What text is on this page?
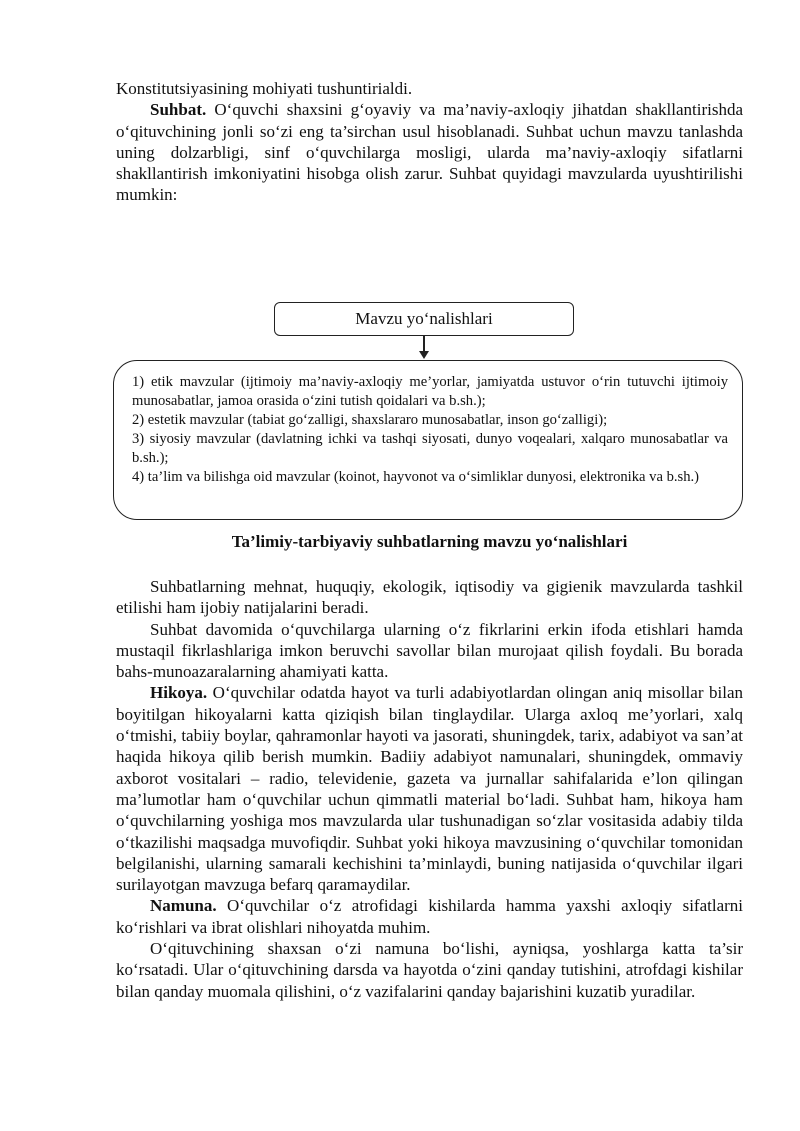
Konstitutsiyasining mohiyati tushuntirialdi.

Suhbat. O‘quvchi shaxsini g‘oyaviy va ma’naviy-axloqiy jihatdan shakllantirishda o‘qituvchining jonli so‘zi eng ta’sirchan usul hisoblanadi. Suhbat uchun mavzu tanlashda uning dolzarbligi, sinf o‘quvchilarga mosligi, ularda ma’naviy-axloqiy sifatlarni shakllantirish imkoniyatini hisobga olish zarur. Suhbat quyidagi mavzularda uyushtirilishi mumkin:

Mavzu yo‘nalishlari

1) etik mavzular (ijtimoiy ma’naviy-axloqiy me’yorlar, jamiyatda ustuvor o‘rin tutuvchi ijtimoiy munosabatlar, jamoa orasida o‘zini tutish qoidalari va b.sh.);

2) estetik mavzular (tabiat go‘zalligi, shaxslararo munosabatlar, inson go‘zalligi);

3) siyosiy mavzular (davlatning ichki va tashqi siyosati, dunyo voqealari, xalqaro munosabatlar va b.sh.);

4) ta’lim va bilishga oid mavzular (koinot, hayvonot va o‘simliklar dunyosi, elektronika va b.sh.)

Ta’limiy-tarbiyaviy suhbatlarning mavzu yo‘nalishlari

Suhbatlarning mehnat, huquqiy, ekologik, iqtisodiy va gigienik mavzularda tashkil etilishi ham ijobiy natijalarini beradi.

Suhbat davomida o‘quvchilarga ularning o‘z fikrlarini erkin ifoda etishlari hamda mustaqil fikrlashlariga imkon beruvchi savollar bilan murojaat qilish foydali. Bu borada bahs-munoazaralarning ahamiyati katta.

Hikoya. O‘quvchilar odatda hayot va turli adabiyotlardan olingan aniq misollar bilan boyitilgan hikoyalarni katta qiziqish bilan tinglaydilar. Ularga axloq me’yorlari, xalq o‘tmishi, tabiiy boylar, qahramonlar hayoti va jasorati, shuningdek, tarix, adabiyot va san’at haqida hikoya qilib berish mumkin. Badiiy adabiyot namunalari, shuningdek, ommaviy axborot vositalari – radio, televidenie, gazeta va jurnallar sahifalarida e’lon qilingan ma’lumotlar ham o‘quvchilar uchun qimmatli material bo‘ladi. Suhbat ham, hikoya ham o‘quvchilarning yoshiga mos mavzularda ular tushunadigan so‘zlar vositasida adabiy tilda o‘tkazilishi maqsadga muvofiqdir. Suhbat yoki hikoya mavzusining o‘quvchilar tomonidan belgilanishi, ularning samarali kechishini ta’minlaydi, buning natijasida o‘quvchilar ilgari surilayotgan mavzuga befarq qaramaydilar.

Namuna. O‘quvchilar o‘z atrofidagi kishilarda hamma yaxshi axloqiy sifatlarni ko‘rishlari va ibrat olishlari nihoyatda muhim.

O‘qituvchining shaxsan o‘zi namuna bo‘lishi, ayniqsa, yoshlarga katta ta’sir ko‘rsatadi. Ular o‘qituvchining darsda va hayotda o‘zini qanday tutishini, atrofdagi kishilar bilan qanday muomala qilishini, o‘z vazifalarini qanday bajarishini kuzatib yuradilar.
